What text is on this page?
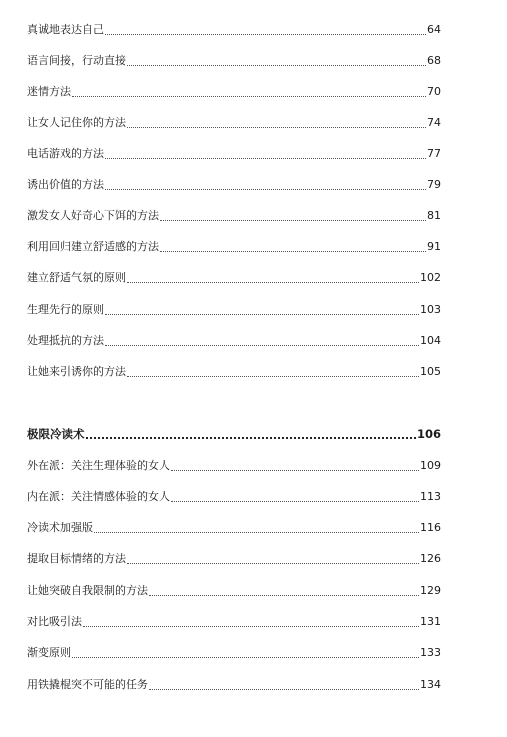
真诚地表达自己	64
语言间接，行动直接	68
迷情方法	70
让女人记住你的方法	74
电话游戏的方法	77
诱出价值的方法	79
激发女人好奇心下饵的方法	81
利用回归建立舒适感的方法	91
建立舒适气氛的原则	102
生理先行的原则	103
处理抵抗的方法	104
让她来引诱你的方法	105
极限冷读术	106
外在派：关注生理体验的女人	109
内在派：关注情感体验的女人	113
冷读术加强版	116
提取目标情绪的方法	126
让她突破自我限制的方法	129
对比吸引法	131
渐变原则	133
用铁撬棍突不可能的任务	134
